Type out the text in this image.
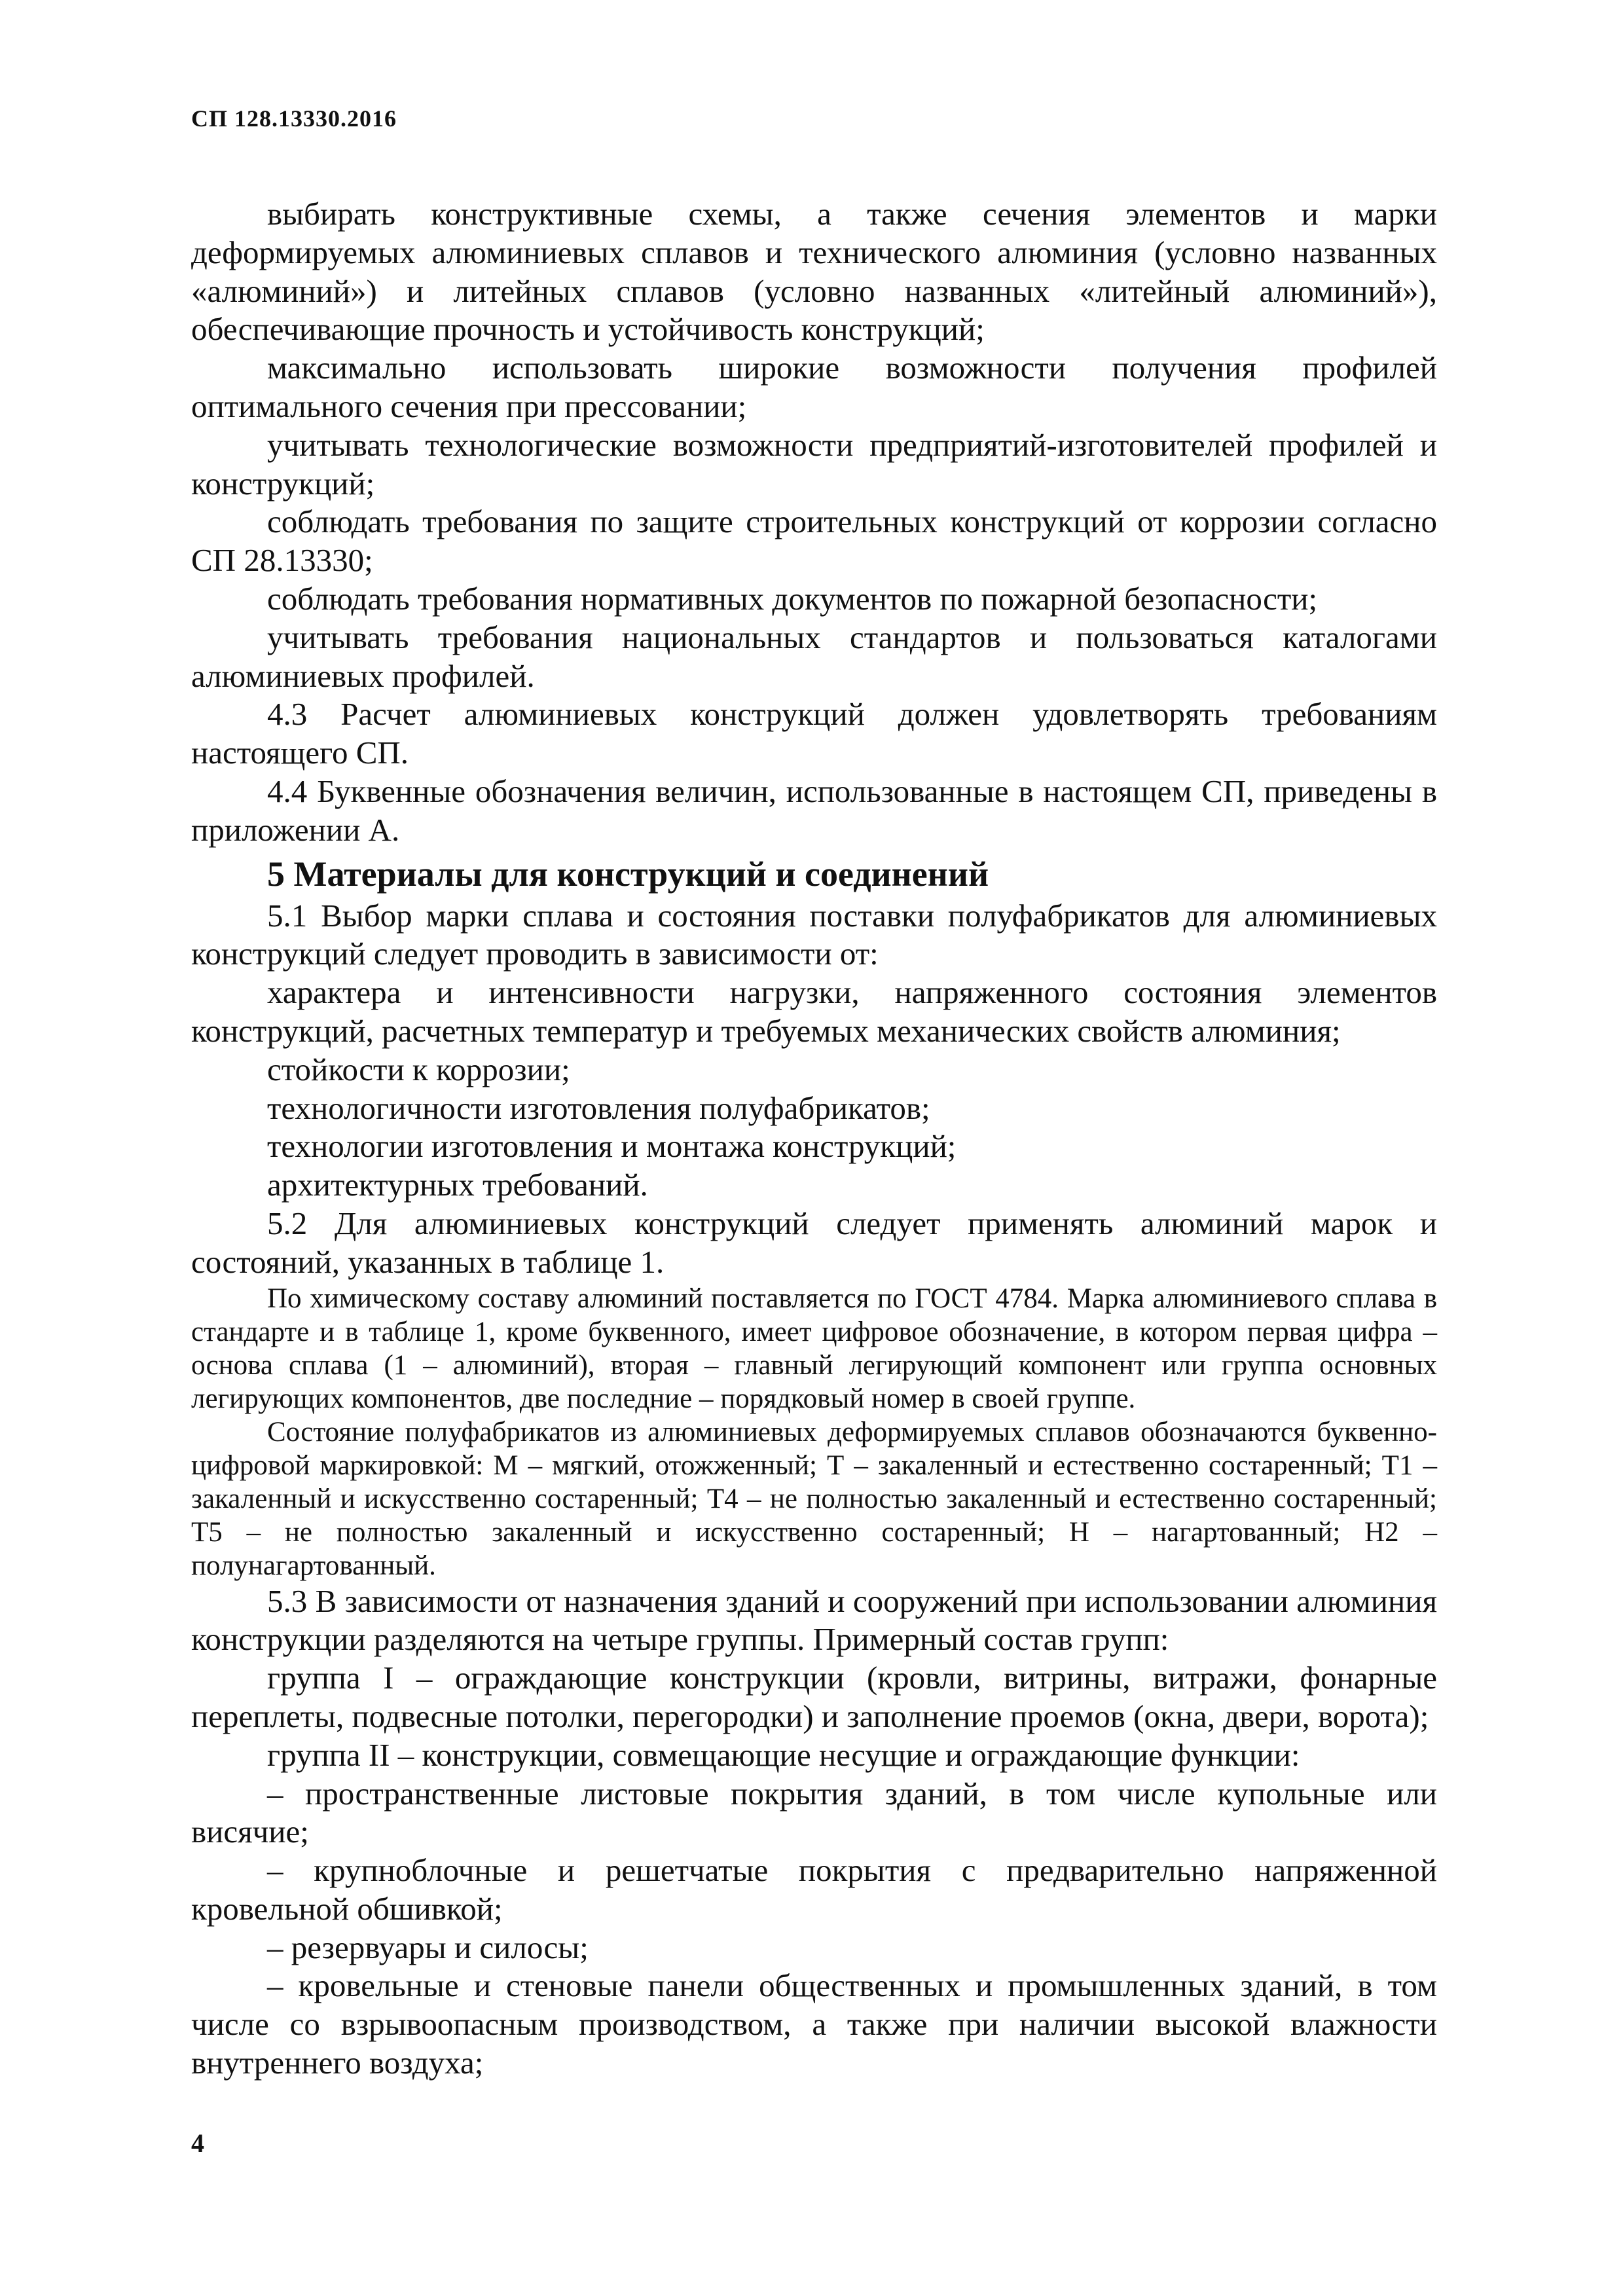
СП 128.13330.2016

выбирать конструктивные схемы, а также сечения элементов и марки деформируемых алюминиевых сплавов и технического алюминия (условно названных «алюминий») и литейных сплавов (условно названных «литейный алюминий»), обеспечивающие прочность и устойчивость конструкций;

максимально использовать широкие возможности получения профилей оптимального сечения при прессовании;

учитывать технологические возможности предприятий-изготовителей профилей и конструкций;

соблюдать требования по защите строительных конструкций от коррозии согласно СП 28.13330;

соблюдать требования нормативных документов по пожарной безопасности;

учитывать требования национальных стандартов и пользоваться каталогами алюминиевых профилей.

4.3 Расчет алюминиевых конструкций должен удовлетворять требованиям настоящего СП.

4.4 Буквенные обозначения величин, использованные в настоящем СП, приведены в приложении А.

5 Материалы для конструкций и соединений

5.1 Выбор марки сплава и состояния поставки полуфабрикатов для алюминиевых конструкций следует проводить в зависимости от:

характера и интенсивности нагрузки, напряженного состояния элементов конструкций, расчетных температур и требуемых механических свойств алюминия;

стойкости к коррозии;

технологичности изготовления полуфабрикатов;

технологии изготовления и монтажа конструкций;

архитектурных требований.

5.2 Для алюминиевых конструкций следует применять алюминий марок и состояний, указанных в таблице 1.

По химическому составу алюминий поставляется по ГОСТ 4784. Марка алюминиевого сплава в стандарте и в таблице 1, кроме буквенного, имеет цифровое обозначение, в котором первая цифра – основа сплава (1 – алюминий), вторая – главный легирующий компонент или группа основных легирующих компонентов, две последние – порядковый номер в своей группе.

Состояние полуфабрикатов из алюминиевых деформируемых сплавов обозначаются буквенно-цифровой маркировкой: М – мягкий, отожженный; Т – закаленный и естественно состаренный; Т1 – закаленный и искусственно состаренный; Т4 – не полностью закаленный и естественно состаренный; Т5 – не полностью закаленный и искусственно состаренный; Н – нагартованный; Н2 – полунагартованный.

5.3 В зависимости от назначения зданий и сооружений при использовании алюминия конструкции разделяются на четыре группы. Примерный состав групп:

группа I – ограждающие конструкции (кровли, витрины, витражи, фонарные переплеты, подвесные потолки, перегородки) и заполнение проемов (окна, двери, ворота);

группа II – конструкции, совмещающие несущие и ограждающие функции:

– пространственные листовые покрытия зданий, в том числе купольные или висячие;

– крупноблочные и решетчатые покрытия с предварительно напряженной кровельной обшивкой;

– резервуары и силосы;

– кровельные и стеновые панели общественных и промышленных зданий, в том числе со взрывоопасным производством, а также при наличии высокой влажности внутреннего воздуха;

4
